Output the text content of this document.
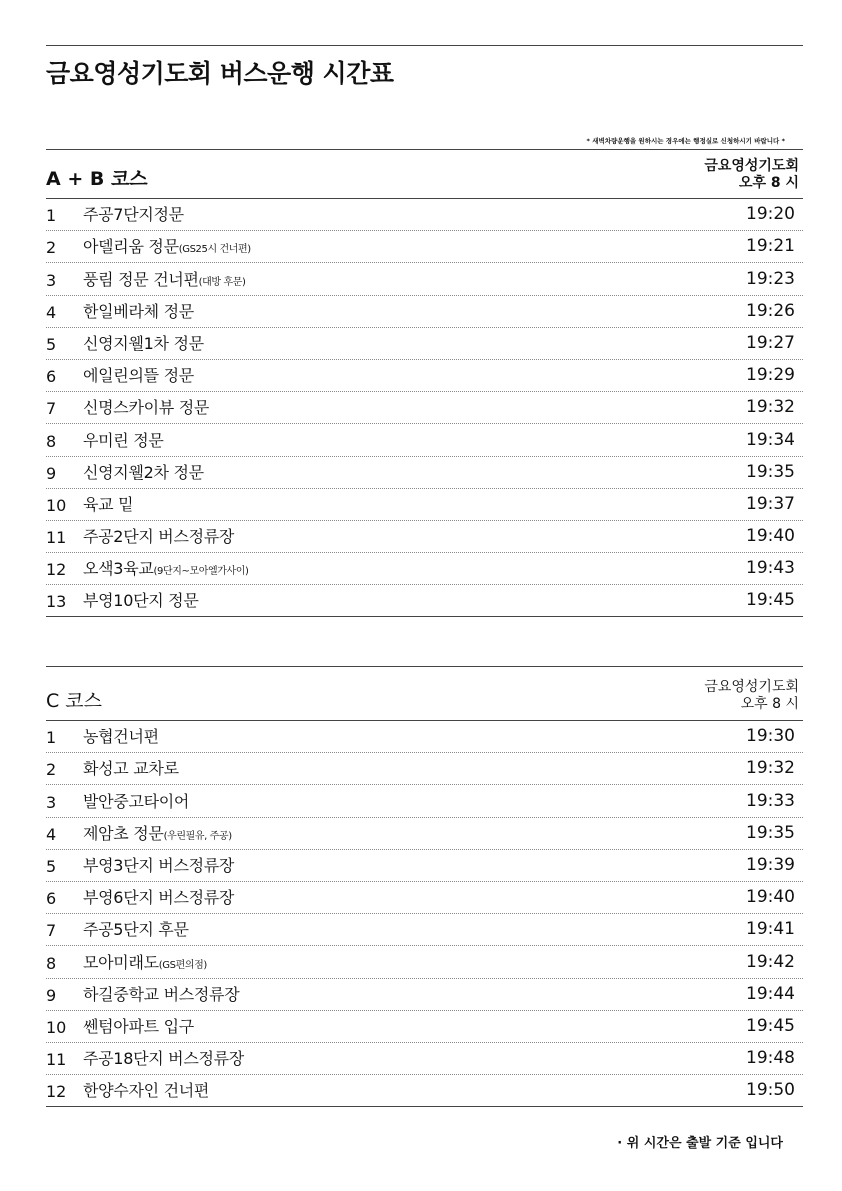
금요영성기도회 버스운행 시간표
* 새벽차량운행을 원하시는 경우에는 행정실로 신청하시기 바랍니다 *
A + B 코스
금요영성기도회
오후 8 시
1	주공7단지정문	19:20
2	아델리움 정문(GS25시 건너편)	19:21
3	풍림 정문 건너편(대방 후문)	19:23
4	한일베라체 정문	19:26
5	신영지웰1차 정문	19:27
6	에일린의뜰 정문	19:29
7	신명스카이뷰 정문	19:32
8	우미린 정문	19:34
9	신영지웰2차 정문	19:35
10	육교 밑	19:37
11	주공2단지 버스정류장	19:40
12	오색3육교(9단지~모아엘가사이)	19:43
13	부영10단지 정문	19:45
C 코스
금요영성기도회
오후 8 시
1	농협건너편	19:30
2	화성고 교차로	19:32
3	발안중고타이어	19:33
4	제암초 정문(우린필유, 주공)	19:35
5	부영3단지 버스정류장	19:39
6	부영6단지 버스정류장	19:40
7	주공5단지 후문	19:41
8	모아미래도(GS편의점)	19:42
9	하길중학교 버스정류장	19:44
10	쎈텀아파트 입구	19:45
11	주공18단지 버스정류장	19:48
12	한양수자인 건너편	19:50
· 위 시간은 출발 기준 입니다
